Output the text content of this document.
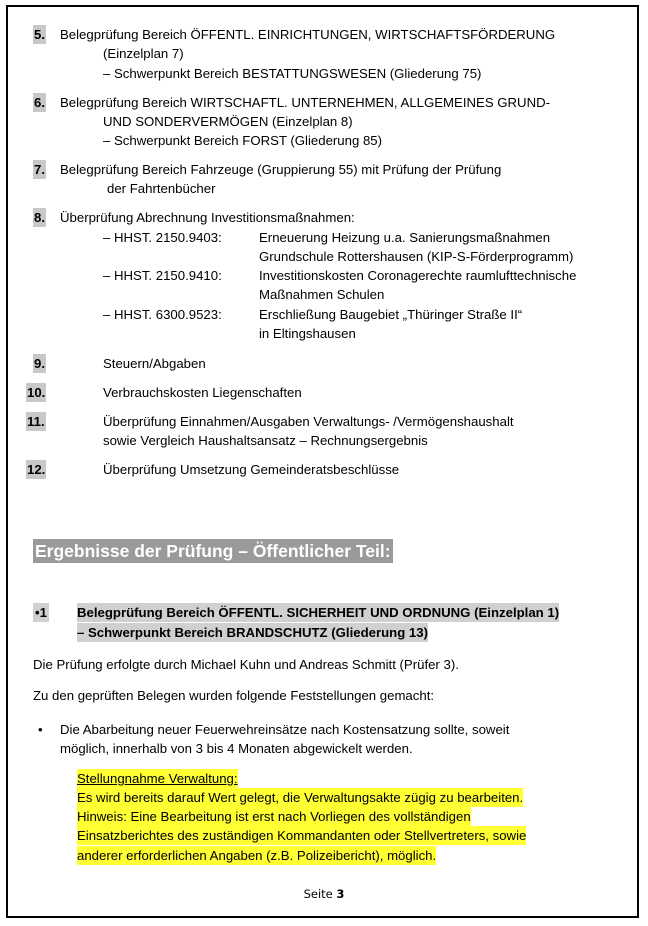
5. Belegprüfung Bereich ÖFFENTL. EINRICHTUNGEN, WIRTSCHAFTSFÖRDERUNG
(Einzelplan 7)
– Schwerpunkt Bereich BESTATTUNGSWESEN (Gliederung 75)
6. Belegprüfung Bereich WIRTSCHAFTL. UNTERNEHMEN, ALLGEMEINES GRUND-
UND SONDERVERMÖGEN (Einzelplan 8)
– Schwerpunkt Bereich FORST (Gliederung 85)
7. Belegprüfung Bereich Fahrzeuge (Gruppierung 55) mit Prüfung der Prüfung
der Fahrtenbücher
8. Überprüfung Abrechnung Investitionsmaßnahmen:
– HHST. 2150.9403:	Erneuerung Heizung u.a. Sanierungsmaßnahmen
Grundschule Rottershausen (KIP-S-Förderprogramm)
– HHST. 2150.9410:	Investitionskosten Coronagerechte raumlufttechnische
Maßnahmen Schulen
– HHST. 6300.9523:	Erschließung Baugebiet „Thüringer Straße II“
in Eltingshausen
9.	Steuern/Abgaben
10.	Verbrauchskosten Liegenschaften
11.	Überprüfung Einnahmen/Ausgaben Verwaltungs- /Vermögenshaushalt
sowie Vergleich Haushaltsansatz – Rechnungsergebnis
12.	Überprüfung Umsetzung Gemeinderatsbeschlüsse
Ergebnisse der Prüfung – Öffentlicher Teil:
•1 Belegprüfung Bereich ÖFFENTL. SICHERHEIT UND ORDNUNG (Einzelplan 1)
– Schwerpunkt Bereich BRANDSCHUTZ (Gliederung 13)
Die Prüfung erfolgte durch Michael Kuhn und Andreas Schmitt (Prüfer 3).
Zu den geprüften Belegen wurden folgende Feststellungen gemacht:
• Die Abarbeitung neuer Feuerwehreinsätze nach Kostensatzung sollte, soweit
möglich, innerhalb von 3 bis 4 Monaten abgewickelt werden.
Stellungnahme Verwaltung:
Es wird bereits darauf Wert gelegt, die Verwaltungsakte zügig zu bearbeiten.
Hinweis: Eine Bearbeitung ist erst nach Vorliegen des vollständigen
Einsatzberichtes des zuständigen Kommandanten oder Stellvertreters, sowie
anderer erforderlichen Angaben (z.B. Polizeibericht), möglich.
Seite 3
